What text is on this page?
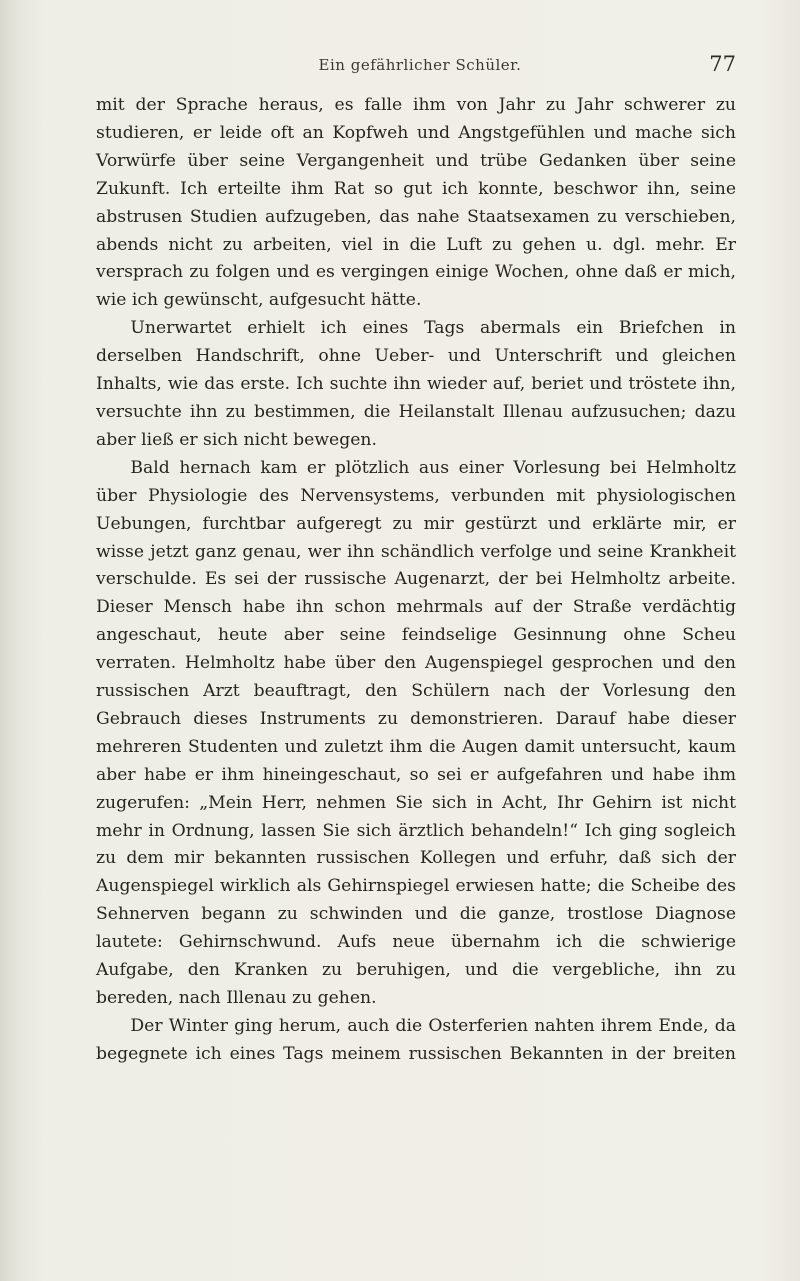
Ein gefährlicher Schüler.	77

mit der Sprache heraus, es falle ihm von Jahr zu Jahr schwerer zu studieren, er leide oft an Kopfweh und Angstgefühlen und mache sich Vorwürfe über seine Vergangenheit und trübe Gedanken über seine Zukunft. Ich erteilte ihm Rat so gut ich konnte, beschwor ihn, seine abstrusen Studien aufzugeben, das nahe Staatsexamen zu verschieben, abends nicht zu arbeiten, viel in die Luft zu gehen u. dgl. mehr. Er versprach zu folgen und es vergingen einige Wochen, ohne daß er mich, wie ich gewünscht, aufgesucht hätte.

Unerwartet erhielt ich eines Tags abermals ein Briefchen in derselben Handschrift, ohne Ueber- und Unterschrift und gleichen Inhalts, wie das erste. Ich suchte ihn wieder auf, beriet und tröstete ihn, versuchte ihn zu bestimmen, die Heilanstalt Illenau aufzusuchen; dazu aber ließ er sich nicht bewegen.

Bald hernach kam er plötzlich aus einer Vorlesung bei Helmholtz über Physiologie des Nervensystems, verbunden mit physiologischen Uebungen, furchtbar aufgeregt zu mir gestürzt und erklärte mir, er wisse jetzt ganz genau, wer ihn schändlich verfolge und seine Krankheit verschulde. Es sei der russische Augenarzt, der bei Helmholtz arbeite. Dieser Mensch habe ihn schon mehrmals auf der Straße verdächtig angeschaut, heute aber seine feindselige Gesinnung ohne Scheu verraten. Helmholtz habe über den Augenspiegel gesprochen und den russischen Arzt beauftragt, den Schülern nach der Vorlesung den Gebrauch dieses Instruments zu demonstrieren. Darauf habe dieser mehreren Studenten und zuletzt ihm die Augen damit untersucht, kaum aber habe er ihm hineingeschaut, so sei er aufgefahren und habe ihm zugerufen: „Mein Herr, nehmen Sie sich in Acht, Ihr Gehirn ist nicht mehr in Ordnung, lassen Sie sich ärztlich behandeln!“ Ich ging sogleich zu dem mir bekannten russischen Kollegen und erfuhr, daß sich der Augenspiegel wirklich als Gehirnspiegel erwiesen hatte; die Scheibe des Sehnerven begann zu schwinden und die ganze, trostlose Diagnose lautete: Gehirnschwund. Aufs neue übernahm ich die schwierige Aufgabe, den Kranken zu beruhigen, und die vergebliche, ihn zu bereden, nach Illenau zu gehen.

Der Winter ging herum, auch die Osterferien nahten ihrem Ende, da begegnete ich eines Tags meinem russischen Bekannten in der breiten
